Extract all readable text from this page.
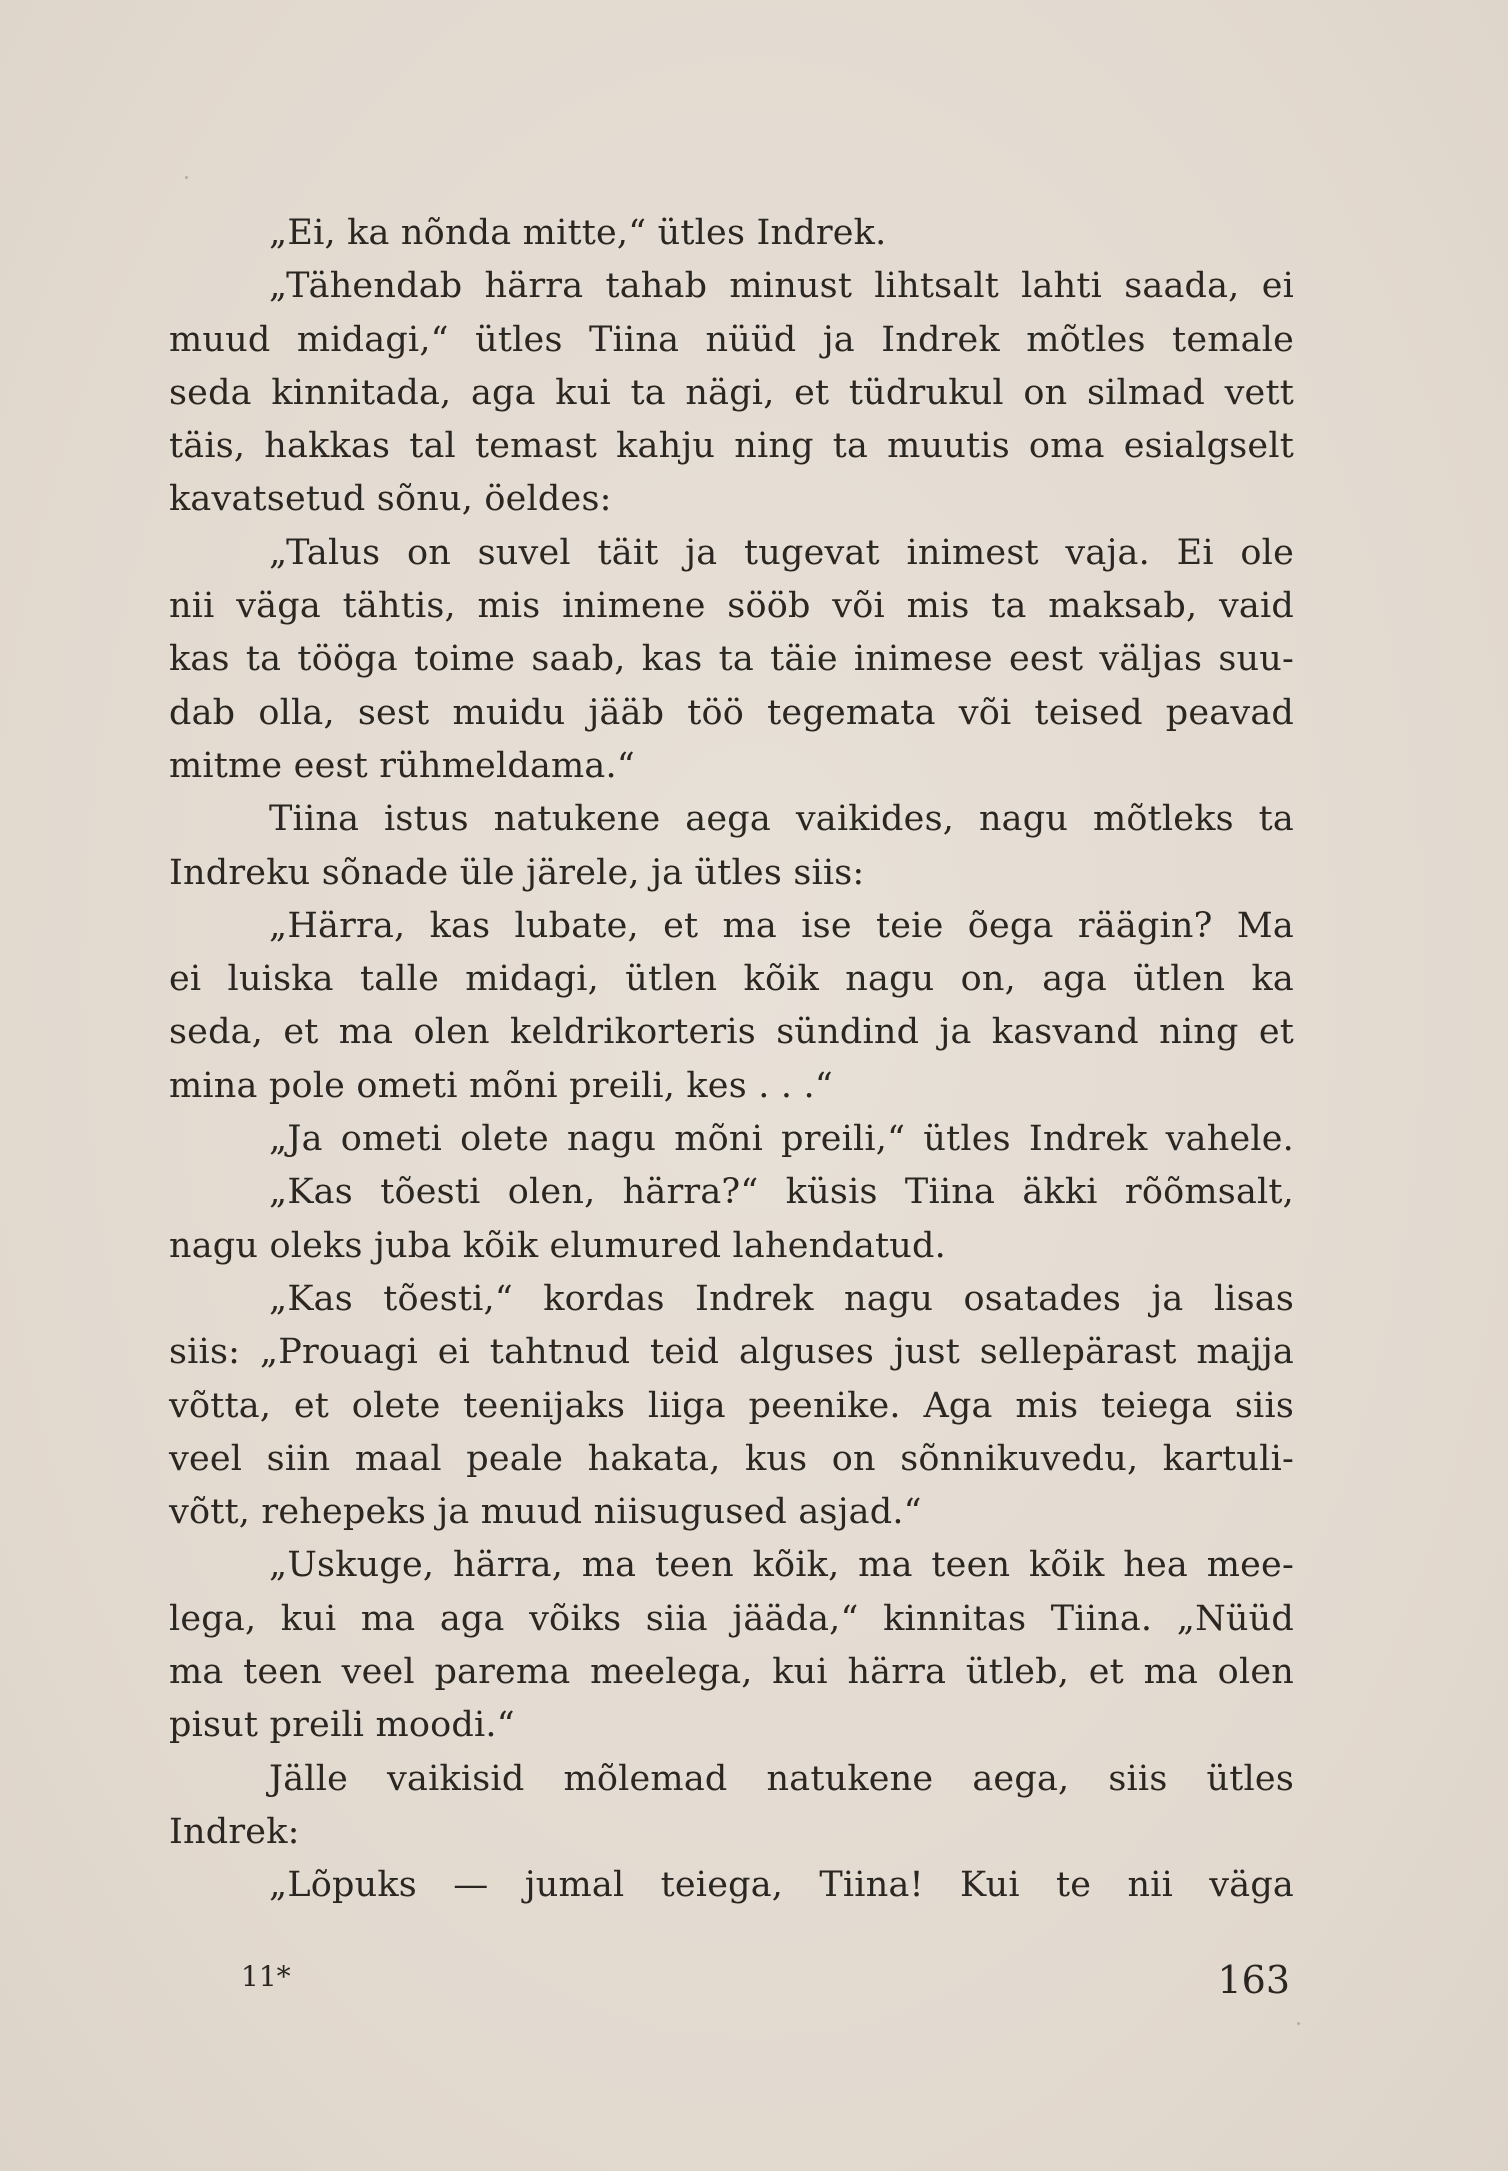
„Ei, ka nõnda mitte,“ ütles Indrek.
„Tähendab härra tahab minust lihtsalt lahti saada, ei
muud midagi,“ ütles Tiina nüüd ja Indrek mõtles temale
seda kinnitada, aga kui ta nägi, et tüdrukul on silmad vett
täis, hakkas tal temast kahju ning ta muutis oma esialgselt
kavatsetud sõnu, öeldes:
„Talus on suvel täit ja tugevat inimest vaja. Ei ole
nii väga tähtis, mis inimene sööb või mis ta maksab, vaid
kas ta tööga toime saab, kas ta täie inimese eest väljas suu-
dab olla, sest muidu jääb töö tegemata või teised peavad
mitme eest rühmeldama.“
Tiina istus natukene aega vaikides, nagu mõtleks ta
Indreku sõnade üle järele, ja ütles siis:
„Härra, kas lubate, et ma ise teie õega räägin? Ma
ei luiska talle midagi, ütlen kõik nagu on, aga ütlen ka
seda, et ma olen keldrikorteris sündind ja kasvand ning et
mina pole ometi mõni preili, kes . . .“
„Ja ometi olete nagu mõni preili,“ ütles Indrek vahele.
„Kas tõesti olen, härra?“ küsis Tiina äkki rõõmsalt,
nagu oleks juba kõik elumured lahendatud.
„Kas tõesti,“ kordas Indrek nagu osatades ja lisas
siis: „Prouagi ei tahtnud teid alguses just sellepärast majja
võtta, et olete teenijaks liiga peenike. Aga mis teiega siis
veel siin maal peale hakata, kus on sõnnikuvedu, kartuli-
võtt, rehepeks ja muud niisugused asjad.“
„Uskuge, härra, ma teen kõik, ma teen kõik hea mee-
lega, kui ma aga võiks siia jääda,“ kinnitas Tiina. „Nüüd
ma teen veel parema meelega, kui härra ütleb, et ma olen
pisut preili moodi.“
Jälle vaikisid mõlemad natukene aega, siis ütles
Indrek:
„Lõpuks — jumal teiega, Tiina! Kui te nii väga
11*	163
